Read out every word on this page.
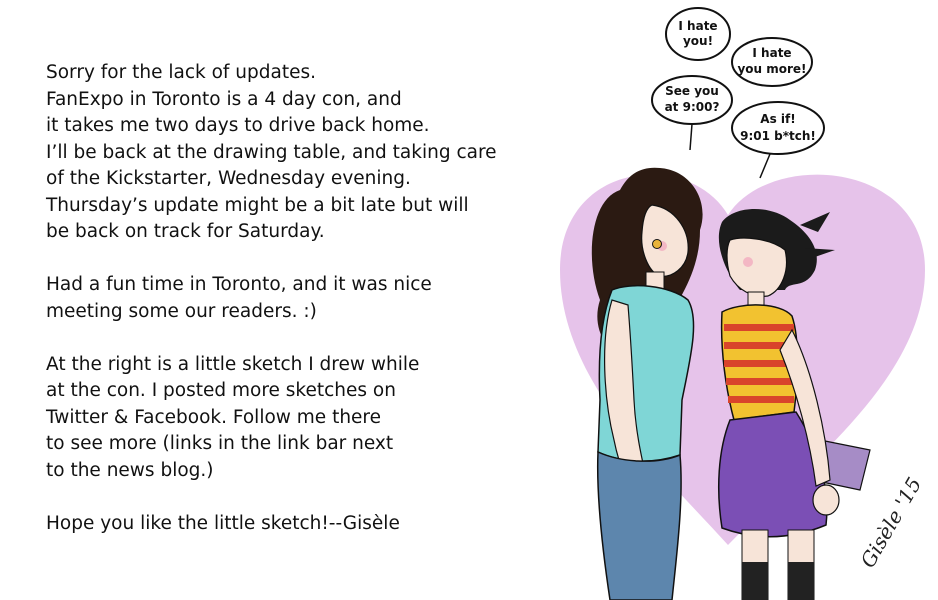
Sorry for the lack of updates.
FanExpo in Toronto is a 4 day con, and
it takes me two days to drive back home.
I’ll be back at the drawing table, and taking care
of the Kickstarter, Wednesday evening.
Thursday’s update might be a bit late but will
be back on track for Saturday.

Had a fun time in Toronto, and it was nice
meeting some our readers. :)

At the right is a little sketch I drew while
at the con. I posted more sketches on
Twitter & Facebook. Follow me there
to see more (links in the link bar next
to the news blog.)

Hope you like the little sketch!--Gisèle

I hate
you!
I hate
you more!
See you
at 9:00?
As if!
9:01 b*tch!
Gisèle '15
